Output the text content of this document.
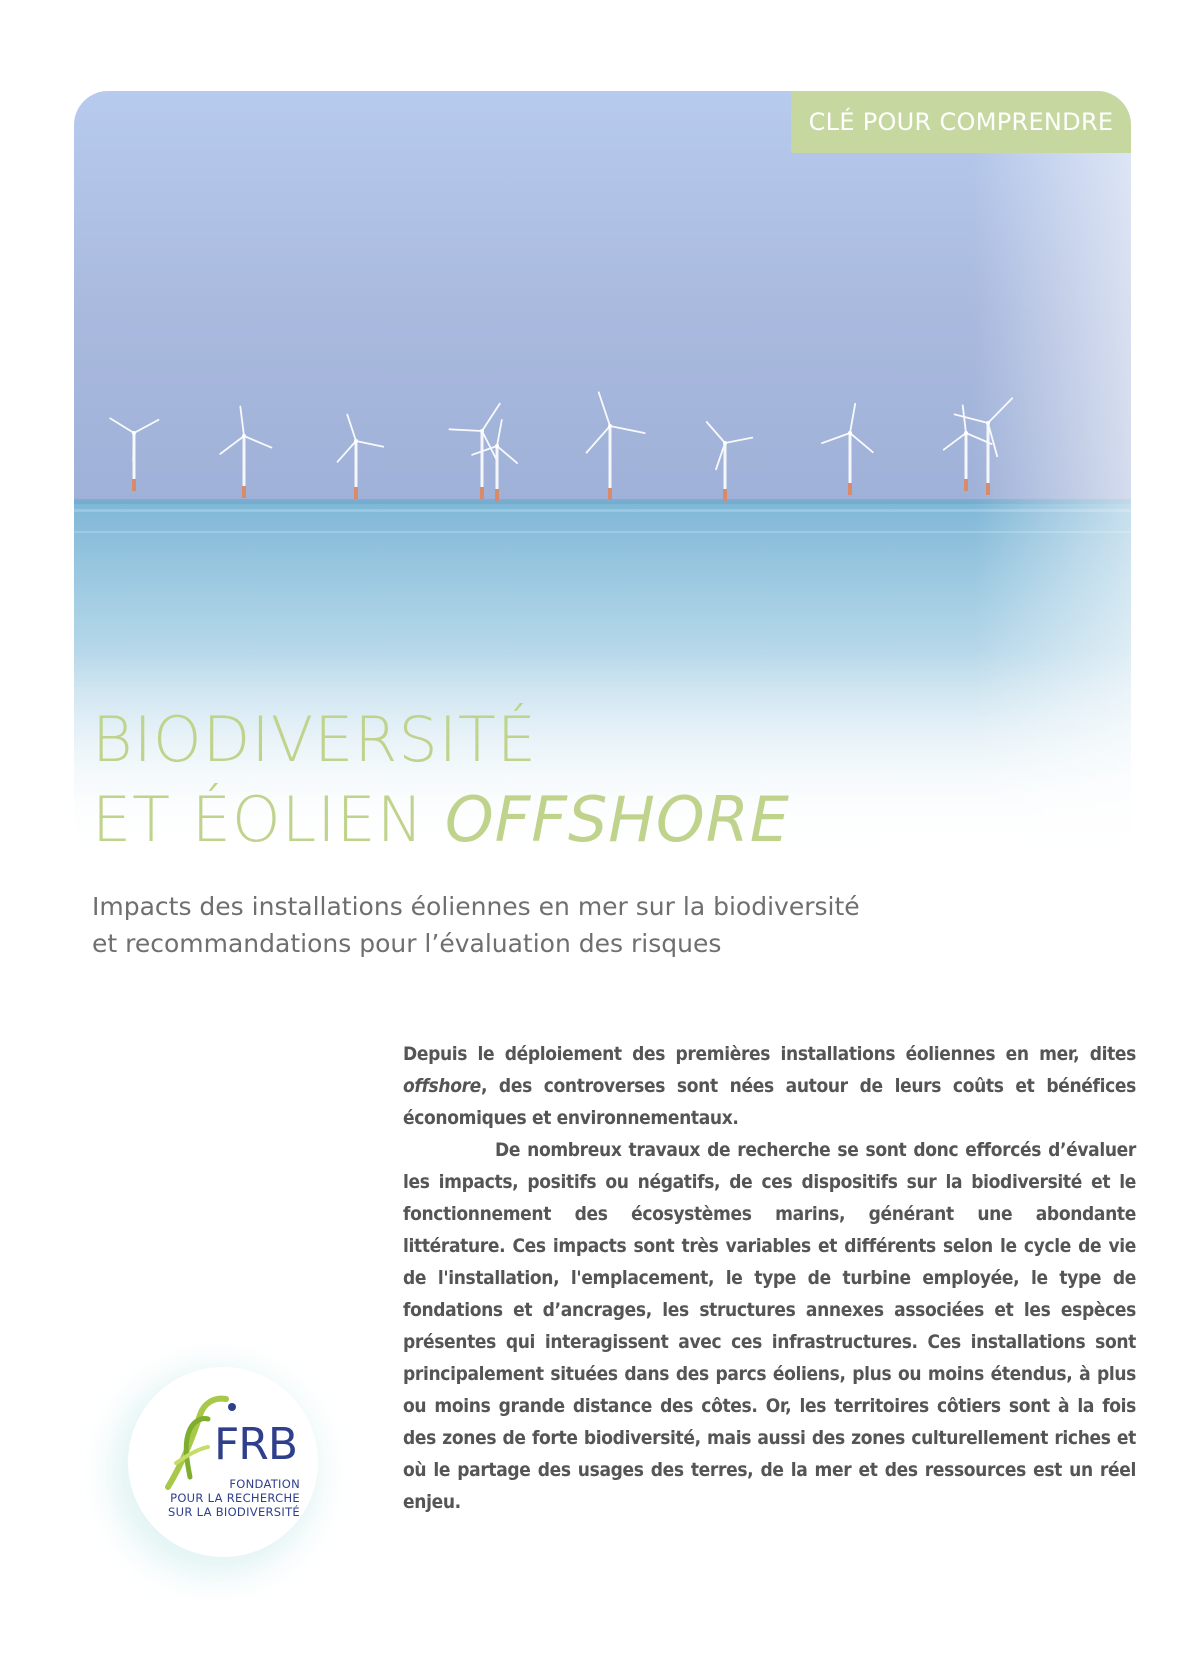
CLÉ POUR COMPRENDRE
BIODIVERSITÉ
ET ÉOLIEN OFFSHORE

Impacts des installations éoliennes en mer sur la biodiversité
et recommandations pour l’évaluation des risques

Depuis le déploiement des premières installations éoliennes en mer, dites offshore, des controverses sont nées autour de leurs coûts et bénéfices économiques et environnementaux.

De nombreux travaux de recherche se sont donc efforcés d’évaluer les impacts, positifs ou négatifs, de ces dispositifs sur la biodiversité et le fonctionnement des écosystèmes marins, générant une abondante littérature. Ces impacts sont très variables et différents selon le cycle de vie de l'installation, l'emplacement, le type de turbine employée, le type de fondations et d’ancrages, les structures annexes associées et les espèces présentes qui interagissent avec ces infrastructures. Ces installations sont principalement situées dans des parcs éoliens, plus ou moins étendus, à plus ou moins grande distance des côtes. Or, les territoires côtiers sont à la fois des zones de forte biodiversité, mais aussi des zones culturellement riches et où le partage des usages des terres, de la mer et des ressources est un réel enjeu.

FRB

FONDATION
POUR LA RECHERCHE
SUR LA BIODIVERSITÉ
